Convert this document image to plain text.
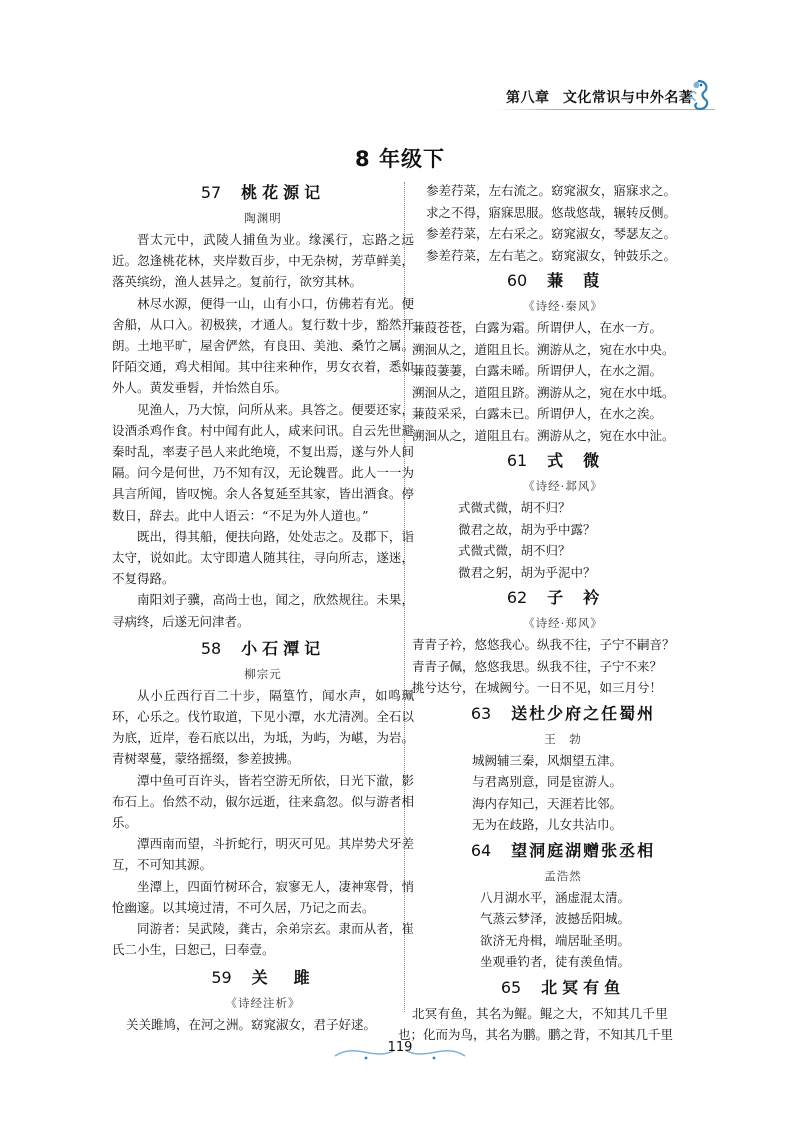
第八章 文化常识与中外名著
8 年级下
57 桃花源记
陶渊明

晋太元中，武陵人捕鱼为业。缘溪行，忘路之远近。忽逢桃花林，夹岸数百步，中无杂树，芳草鲜美，落英缤纷，渔人甚异之。复前行，欲穷其林。

林尽水源，便得一山，山有小口，仿佛若有光。便舍船，从口入。初极狭，才通人。复行数十步，豁然开朗。土地平旷，屋舍俨然，有良田、美池、桑竹之属。阡陌交通，鸡犬相闻。其中往来种作，男女衣着，悉如外人。黄发垂髫，并怡然自乐。

见渔人，乃大惊，问所从来。具答之。便要还家，设酒杀鸡作食。村中闻有此人，咸来问讯。自云先世避秦时乱，率妻子邑人来此绝境，不复出焉，遂与外人间隔。问今是何世，乃不知有汉，无论魏晋。此人一一为具言所闻，皆叹惋。余人各复延至其家，皆出酒食。停数日，辞去。此中人语云：“不足为外人道也。”

既出，得其船，便扶向路，处处志之。及郡下，诣太守，说如此。太守即遣人随其往，寻向所志，遂迷，不复得路。

南阳刘子骥，高尚士也，闻之，欣然规往。未果，寻病终，后遂无问津者。

58 小石潭记
柳宗元

从小丘西行百二十步，隔篁竹，闻水声，如鸣珮环，心乐之。伐竹取道，下见小潭，水尤清冽。全石以为底，近岸，卷石底以出，为坻，为屿，为嵁，为岩。青树翠蔓，蒙络摇缀，参差披拂。

潭中鱼可百许头，皆若空游无所依，日光下澈，影布石上。佁然不动，俶尔远逝，往来翕忽。似与游者相乐。

潭西南而望，斗折蛇行，明灭可见。其岸势犬牙差互，不可知其源。

坐潭上，四面竹树环合，寂寥无人，凄神寒骨，悄怆幽邃。以其境过清，不可久居，乃记之而去。

同游者：吴武陵，龚古，余弟宗玄。隶而从者，崔氏二小生，曰恕己，曰奉壹。

59 关　雎
《诗经注析》
关关雎鸠，在河之洲。窈窕淑女，君子好逑。
参差荇菜，左右流之。窈窕淑女，寤寐求之。
求之不得，寤寐思服。悠哉悠哉，辗转反侧。
参差荇菜，左右采之。窈窕淑女，琴瑟友之。
参差荇菜，左右芼之。窈窕淑女，钟鼓乐之。
60 蒹葭
《诗经·秦风》
蒹葭苍苍，白露为霜。所谓伊人，在水一方。
溯洄从之，道阻且长。溯游从之，宛在水中央。
蒹葭萋萋，白露未晞。所谓伊人，在水之湄。
溯洄从之，道阻且跻。溯游从之，宛在水中坻。
蒹葭采采，白露未已。所谓伊人，在水之涘。
溯洄从之，道阻且右。溯游从之，宛在水中沚。
61 式微
《诗经·邶风》
式微式微，胡不归？
微君之故，胡为乎中露？
式微式微，胡不归？
微君之躬，胡为乎泥中？
62 子衿
《诗经·郑风》
青青子衿，悠悠我心。纵我不往，子宁不嗣音？
青青子佩，悠悠我思。纵我不往，子宁不来？
挑兮达兮，在城阙兮。一日不见，如三月兮！
63 送杜少府之任蜀州
王　勃
城阙辅三秦，风烟望五津。
与君离别意，同是宦游人。
海内存知己，天涯若比邻。
无为在歧路，儿女共沾巾。
64 望洞庭湖赠张丞相
孟浩然
八月湖水平，涵虚混太清。
气蒸云梦泽，波撼岳阳城。
欲济无舟楫，端居耻圣明。
坐观垂钓者，徒有羡鱼情。
65 北冥有鱼
北冥有鱼，其名为鲲。鲲之大，不知其几千里
也；化而为鸟，其名为鹏。鹏之背，不知其几千里
119
